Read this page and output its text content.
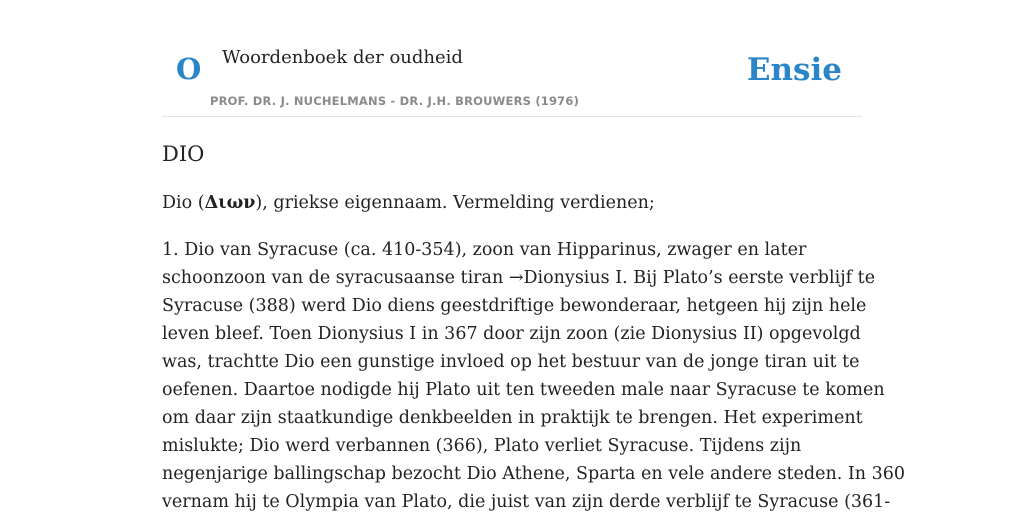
O Woordenboek der oudheid	Ensie
PROF. DR. J. NUCHELMANS - DR. J.H. BROUWERS (1976)
DIO

Dio (Διων), griekse eigennaam. Vermelding verdienen;

1. Dio van Syracuse (ca. 410-354), zoon van Hipparinus, zwager en later
schoonzoon van de syracusaanse tiran →Dionysius I. Bij Plato’s eerste verblijf te
Syracuse (388) werd Dio diens geestdriftige bewonderaar, hetgeen hij zijn hele
leven bleef. Toen Dionysius I in 367 door zijn zoon (zie Dionysius II) opgevolgd
was, trachtte Dio een gunstige invloed op het bestuur van de jonge tiran uit te
oefenen. Daartoe nodigde hij Plato uit ten tweeden male naar Syracuse te komen
om daar zijn staatkundige denkbeelden in praktijk te brengen. Het experiment
mislukte; Dio werd verbannen (366), Plato verliet Syracuse. Tijdens zijn
negenjarige ballingschap bezocht Dio Athene, Sparta en vele andere steden. In 360
vernam hij te Olympia van Plato, die juist van zijn derde verblijf te Syracuse (361-
